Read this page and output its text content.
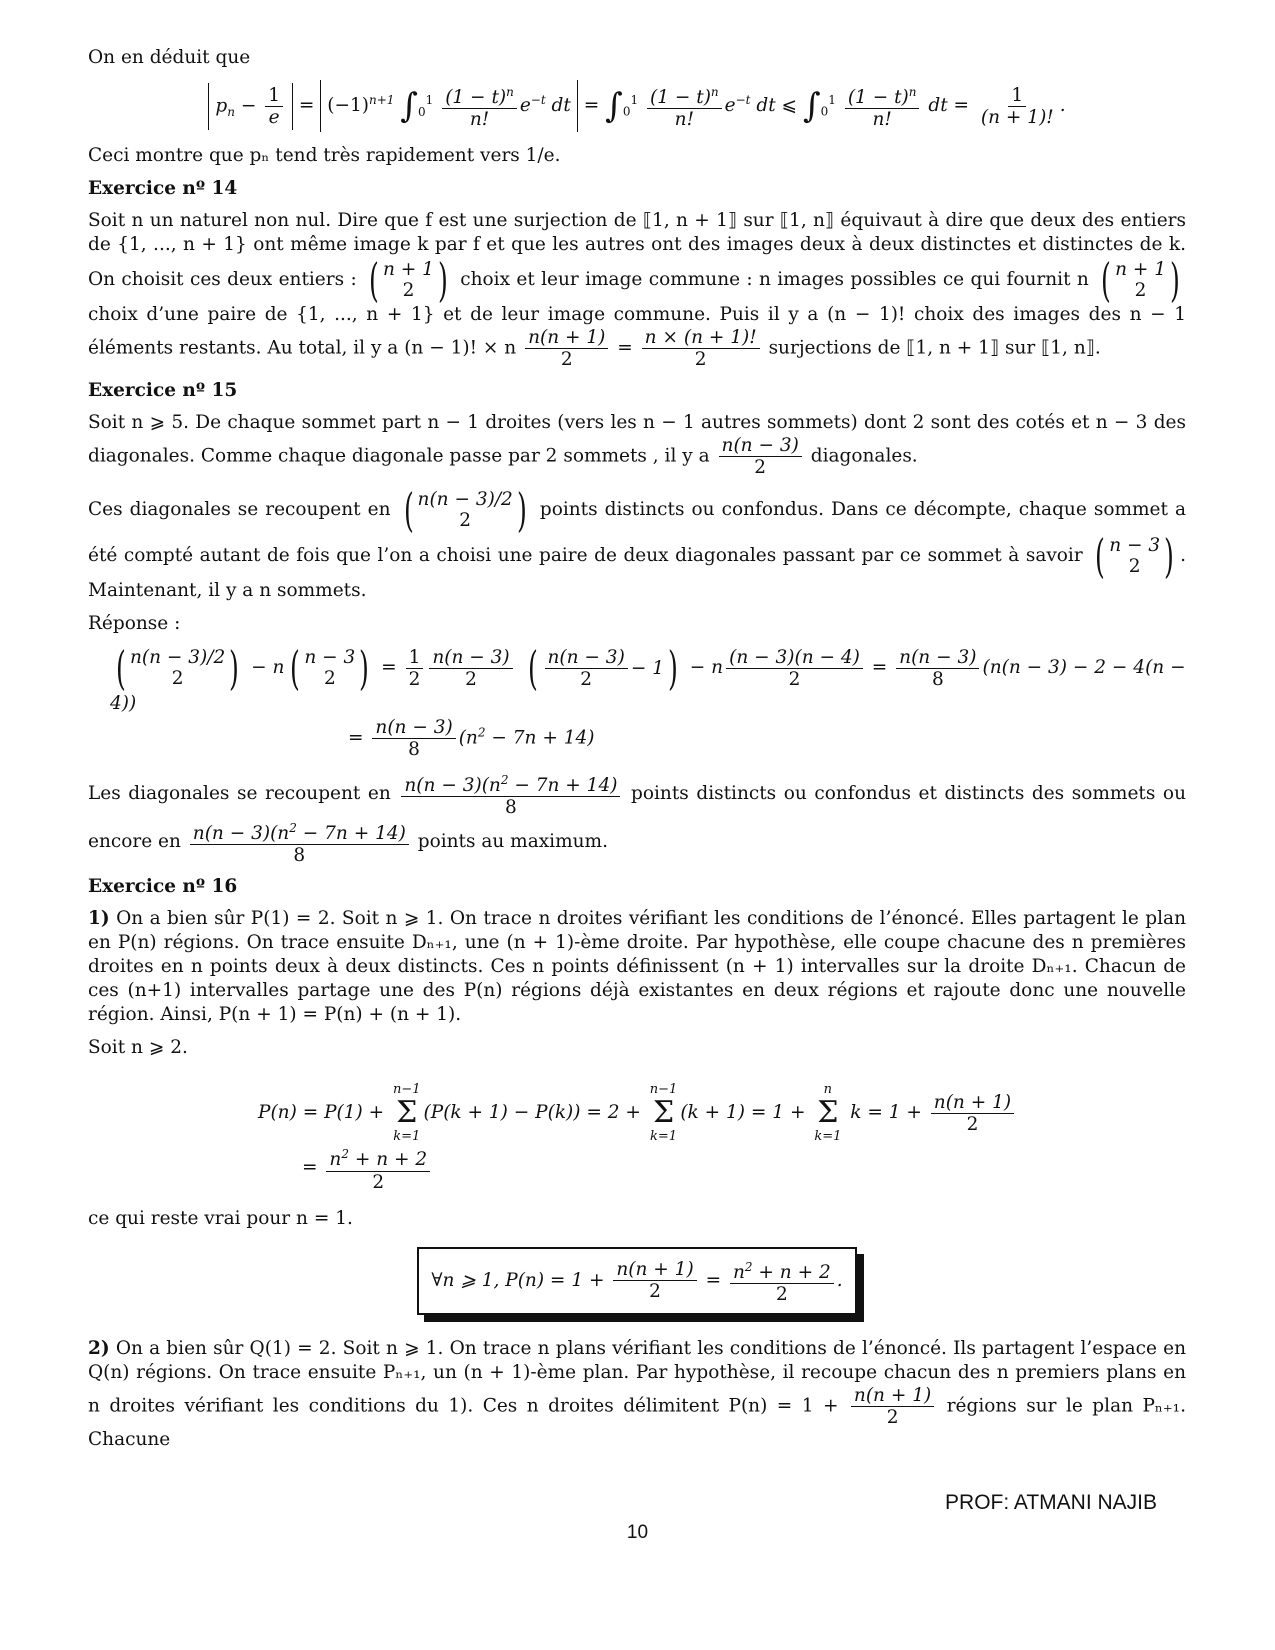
On en déduit que

$p_n - \frac{1}{e} = (-1)^{n+1}$ $\int_0^1 \frac{(1 - t)^n}{n!} e^{-t}$ dt = $\int_0^1 \frac{(1 - t)^n}{n!} e^{-t}$ dt ⩽ $\int_0^1 \frac{(1 - t)^n}{n!}$ dt = $\frac{1}{(n + 1)!}$ .

Ceci montre que pₙ tend très rapidement vers 1/e.

Exercice nº 14

Soit n un naturel non nul. Dire que f est une surjection de ⟦1, n + 1⟧ sur ⟦1, n⟧ équivaut à dire que deux des entiers de {1, ..., n + 1} ont même image k par f et que les autres ont des images deux à deux distinctes et distinctes de k. On choisit ces deux entiers : ( n + 1
2 ) choix et leur image commune : n images possibles ce qui fournit n ( n + 1
2 )
choix d’une paire de {1, ..., n + 1} et de leur image commune. Puis il y a (n − 1)! choix des images des n − 1 éléments restants. Au total, il y a (n − 1)! × n $\frac{n(n + 1)}{2} = \frac{n \times (n + 1)!}{2}$ surjections de ⟦1, n + 1⟧ sur ⟦1, n⟧.

Exercice nº 15

Soit n ⩾ 5. De chaque sommet part n − 1 droites (vers les n − 1 autres sommets) dont 2 sont des cotés et n − 3 des diagonales. Comme chaque diagonale passe par 2 sommets , il y a $\frac{n(n - 3)}{2}$ diagonales.

Ces diagonales se recoupent en ( n(n − 3)/2
2 ) points distincts ou confondus. Dans ce décompte, chaque sommet a été compté autant de fois que l’on a choisi une paire de deux diagonales passant par ce sommet à savoir ( n − 3
2 ) . Maintenant, il y a n sommets.

Réponse :

( n(n − 3)/2
2 ) − n ( n − 3
2 ) = $\frac{1}{2} \frac{n(n - 3)}{2}$
( $\frac{n(n - 3)}{2} - 1$ ) − n $\frac{(n - 3)(n - 4)}{2} = \frac{n(n - 3)}{8} (n(n - 3) - 2 - 4(n - 4))$
= $\frac{n(n - 3)}{8} (n^2 - 7n + 14)$

Les diagonales se recoupent en $\frac{n(n - 3)(n^2 - 7n + 14)}{8}$ points distincts ou confondus et distincts des sommets ou encore en $\frac{n(n - 3)(n^2 - 7n + 14)}{8}$ points au maximum.

Exercice nº 16

1) On a bien sûr P(1) = 2. Soit n ⩾ 1. On trace n droites vérifiant les conditions de l’énoncé. Elles partagent le plan en P(n) régions. On trace ensuite Dₙ₊₁, une (n + 1)-ème droite. Par hypothèse, elle coupe chacune des n premières droites en n points deux à deux distincts. Ces n points définissent (n + 1) intervalles sur la droite Dₙ₊₁. Chacun de ces (n+1) intervalles partage une des P(n) régions déjà existantes en deux régions et rajoute donc une nouvelle région. Ainsi, P(n + 1) = P(n) + (n + 1).

Soit n ⩾ 2.

P(n) = P(1) +
n−1
Σ
k=1
(P(k + 1) − P(k)) = 2 +
n−1
Σ
k=1
(k + 1) = 1 +
n
Σ
k=1
$k = 1 + \frac{n(n + 1)}{2}$
= $\frac{n^2 + n + 2}{2}$

ce qui reste vrai pour n = 1.

∀n ⩾ 1, $P(n) = 1 + \frac{n(n + 1)}{2} = \frac{n^2 + n + 2}{2}$ .

2) On a bien sûr Q(1) = 2. Soit n ⩾ 1. On trace n plans vérifiant les conditions de l’énoncé. Ils partagent l’espace en Q(n) régions. On trace ensuite Pₙ₊₁, un (n + 1)-ème plan. Par hypothèse, il recoupe chacun des n premiers plans en n droites vérifiant les conditions du 1). Ces n droites délimitent $P(n) = 1 + \frac{n(n + 1)}{2}$ régions sur le plan Pₙ₊₁. Chacune

PROF: ATMANI NAJIB
10
